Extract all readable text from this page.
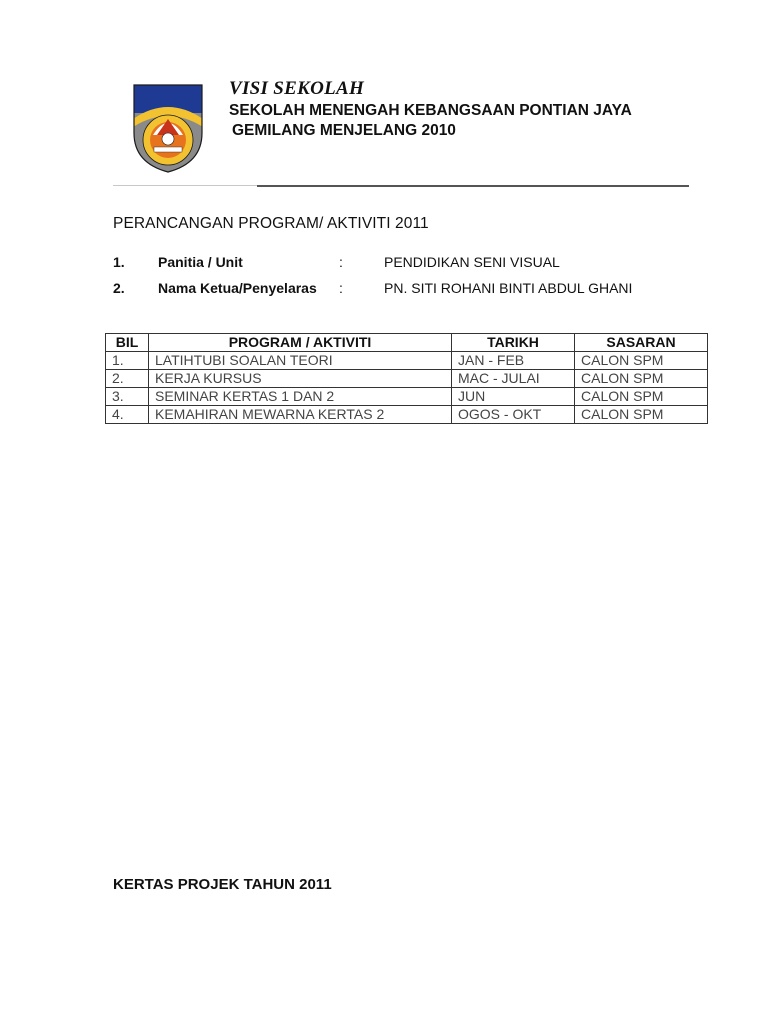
VISI SEKOLAH

SEKOLAH MENENGAH KEBANGSAAN PONTIAN JAYA

GEMILANG MENJELANG 2010

PERANCANGAN PROGRAM/ AKTIVITI 2011
1. Panitia / Unit	:	PENDIDIKAN SENI VISUAL
2. Nama Ketua/Penyelaras :	PN. SITI ROHANI BINTI ABDUL GHANI
BIL	PROGRAM / AKTIVITI	TARIKH	SASARAN
1.	LATIHTUBI SOALAN TEORI	JAN - FEB	CALON SPM
2.	KERJA KURSUS	MAC - JULAI	CALON SPM
3.	SEMINAR KERTAS 1 DAN 2	JUN	CALON SPM
4.	KEMAHIRAN MEWARNA KERTAS 2	OGOS - OKT	CALON SPM
KERTAS PROJEK TAHUN 2011
